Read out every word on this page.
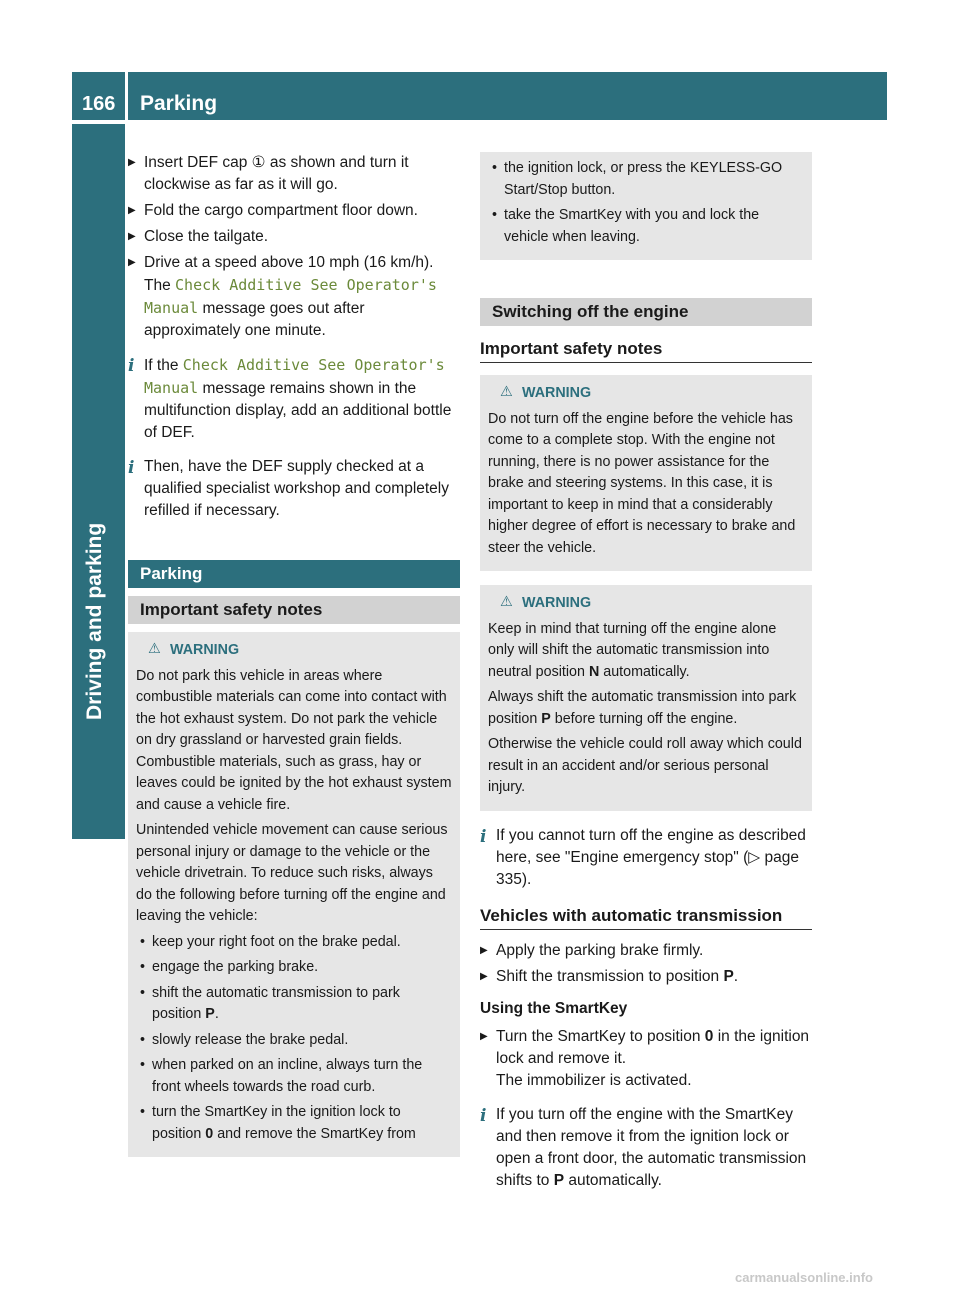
166	Parking
Driving and parking
▶ Insert DEF cap ① as shown and turn it clockwise as far as it will go.
▶ Fold the cargo compartment floor down.
▶ Close the tailgate.
▶ Drive at a speed above 10 mph (16 km/h). The Check Additive See Operator's Manual message goes out after approximately one minute.
i If the Check Additive See Operator's Manual message remains shown in the multifunction display, add an additional bottle of DEF.
i Then, have the DEF supply checked at a qualified specialist workshop and completely refilled if necessary.
Parking
Important safety notes
⚠ WARNING

Do not park this vehicle in areas where combustible materials can come into contact with the hot exhaust system. Do not park the vehicle on dry grassland or harvested grain fields. Combustible materials, such as grass, hay or leaves could be ignited by the hot exhaust system and cause a vehicle fire.

Unintended vehicle movement can cause serious personal injury or damage to the vehicle or the vehicle drivetrain. To reduce such risks, always do the following before turning off the engine and leaving the vehicle:

• keep your right foot on the brake pedal.
• engage the parking brake.
• shift the automatic transmission to park position P.
• slowly release the brake pedal.
• when parked on an incline, always turn the front wheels towards the road curb.
• turn the SmartKey in the ignition lock to position 0 and remove the SmartKey from
• the ignition lock, or press the KEYLESS-GO Start/Stop button.
• take the SmartKey with you and lock the vehicle when leaving.
Switching off the engine
Important safety notes
⚠ WARNING

Do not turn off the engine before the vehicle has come to a complete stop. With the engine not running, there is no power assistance for the brake and steering systems. In this case, it is important to keep in mind that a considerably higher degree of effort is necessary to brake and steer the vehicle.

⚠ WARNING

Keep in mind that turning off the engine alone only will shift the automatic transmission into neutral position N automatically.

Always shift the automatic transmission into park position P before turning off the engine.

Otherwise the vehicle could roll away which could result in an accident and/or serious personal injury.

i If you cannot turn off the engine as described here, see "Engine emergency stop" (▷ page 335).
Vehicles with automatic transmission
▶ Apply the parking brake firmly.
▶ Shift the transmission to position P.
Using the SmartKey
▶ Turn the SmartKey to position 0 in the ignition lock and remove it.
The immobilizer is activated.
i If you turn off the engine with the SmartKey and then remove it from the ignition lock or open a front door, the automatic transmission shifts to P automatically.
carmanualsonline.info
